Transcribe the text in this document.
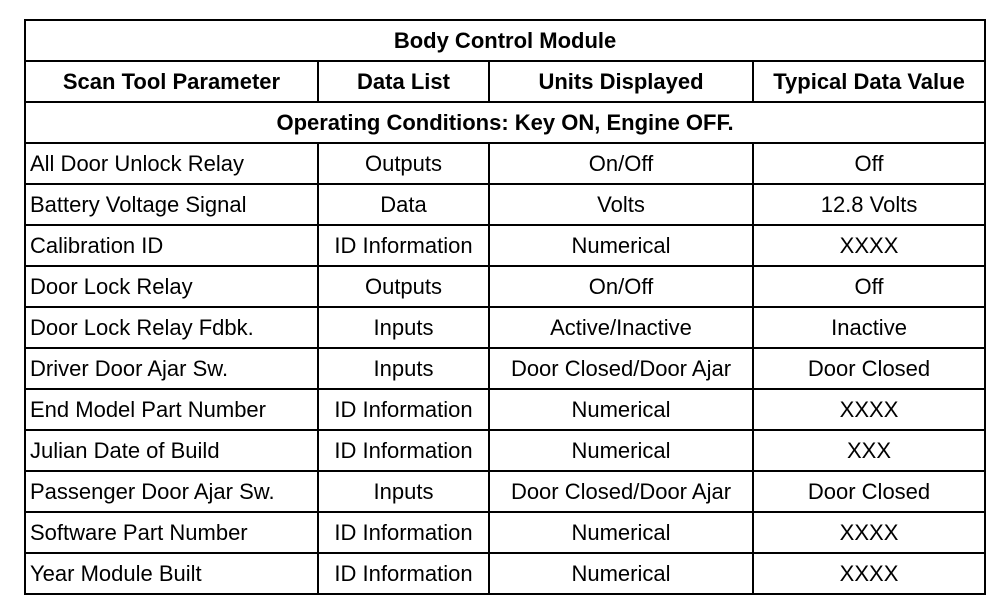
Body Control Module			
Scan Tool Parameter	Data List	Units Displayed	Typical Data Value
Operating Conditions: Key ON, Engine OFF.			
All Door Unlock Relay	Outputs	On/Off	Off
Battery Voltage Signal	Data	Volts	12.8 Volts
Calibration ID	ID Information	Numerical	XXXX
Door Lock Relay	Outputs	On/Off	Off
Door Lock Relay Fdbk.	Inputs	Active/Inactive	Inactive
Driver Door Ajar Sw.	Inputs	Door Closed/Door Ajar	Door Closed
End Model Part Number	ID Information	Numerical	XXXX
Julian Date of Build	ID Information	Numerical	XXX
Passenger Door Ajar Sw.	Inputs	Door Closed/Door Ajar	Door Closed
Software Part Number	ID Information	Numerical	XXXX
Year Module Built	ID Information	Numerical	XXXX
